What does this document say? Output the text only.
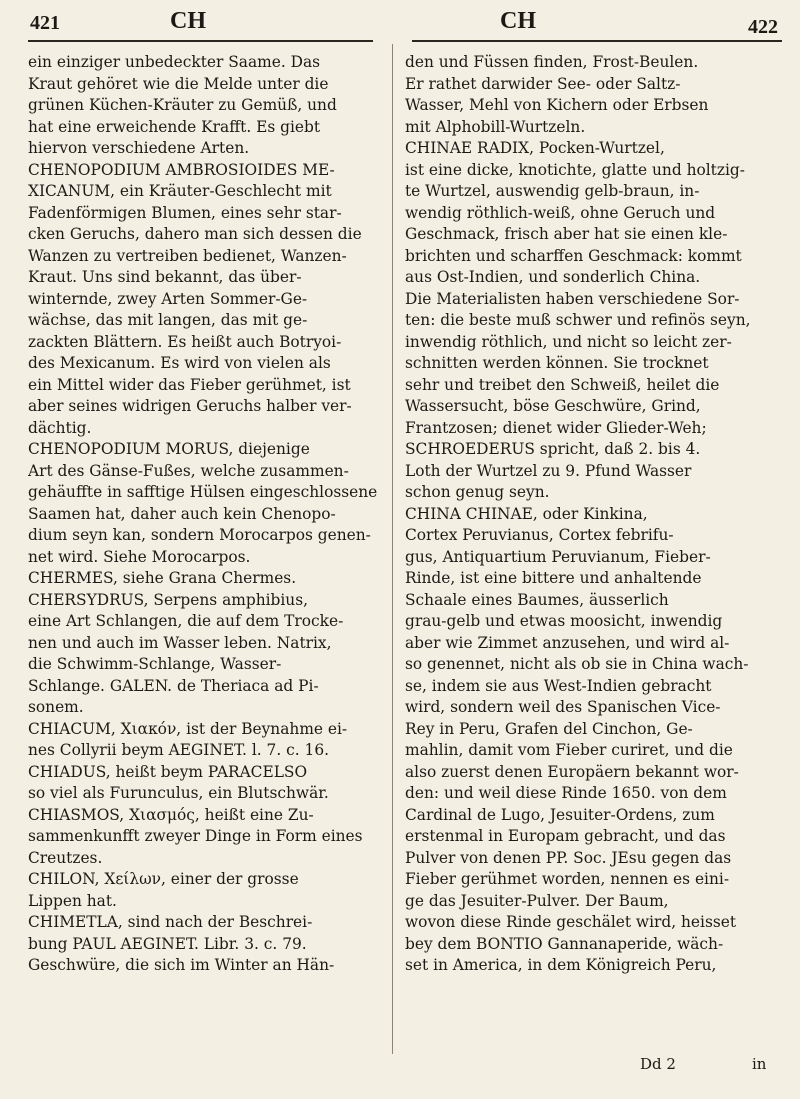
421	CH	CH	422

ein einziger unbedeckter Saame. Das

Kraut gehöret wie die Melde unter die

grünen Küchen-Kräuter zu Gemüß, und

hat eine erweichende Krafft. Es giebt

hiervon verschiedene Arten.

CHENOPODIUM AMBROSIOIDES ME-

XICANUM, ein Kräuter-Geschlecht mit

Fadenförmigen Blumen, eines sehr star-

cken Geruchs, dahero man sich dessen die

Wanzen zu vertreiben bedienet, Wanzen-

Kraut. Uns sind bekannt, das über-

winternde, zwey Arten Sommer-Ge-

wächse, das mit langen, das mit ge-

zackten Blättern. Es heißt auch Botryoi-

des Mexicanum. Es wird von vielen als

ein Mittel wider das Fieber gerühmet, ist

aber seines widrigen Geruchs halber ver-

dächtig.

CHENOPODIUM MORUS, diejenige

Art des Gänse-Fußes, welche zusammen-

gehäuffte in safftige Hülsen eingeschlossene

Saamen hat, daher auch kein Chenopo-

dium seyn kan, sondern Morocarpos genen-

net wird. Siehe Morocarpos.

CHERMES, siehe Grana Chermes.

CHERSYDRUS, Serpens amphibius,

eine Art Schlangen, die auf dem Trocke-

nen und auch im Wasser leben. Natrix,

die Schwimm-Schlange, Wasser-

Schlange. GALEN. de Theriaca ad Pi-

sonem.

CHIACUM, Χιακόν, ist der Beynahme ei-

nes Collyrii beym AEGINET. l. 7. c. 16.

CHIADUS, heißt beym PARACELSO

so viel als Furunculus, ein Blutschwär.

CHIASMOS, Χιασμός, heißt eine Zu-

sammenkunfft zweyer Dinge in Form eines

Creutzes.

CHILON, Χείλων, einer der grosse

Lippen hat.

CHIMETLA, sind nach der Beschrei-

bung PAUL AEGINET. Libr. 3. c. 79.

Geschwüre, die sich im Winter an Hän-

den und Füssen finden, Frost-Beulen.

Er rathet darwider See- oder Saltz-

Wasser, Mehl von Kichern oder Erbsen

mit Alphobill-Wurtzeln.

CHINAE RADIX, Pocken-Wurtzel,

ist eine dicke, knotichte, glatte und holtzig-

te Wurtzel, auswendig gelb-braun, in-

wendig röthlich-weiß, ohne Geruch und

Geschmack, frisch aber hat sie einen kle-

brichten und scharffen Geschmack: kommt

aus Ost-Indien, und sonderlich China.

Die Materialisten haben verschiedene Sor-

ten: die beste muß schwer und refinös seyn,

inwendig röthlich, und nicht so leicht zer-

schnitten werden können. Sie trocknet

sehr und treibet den Schweiß, heilet die

Wassersucht, böse Geschwüre, Grind,

Frantzosen; dienet wider Glieder-Weh;

SCHROEDERUS spricht, daß 2. bis 4.

Loth der Wurtzel zu 9. Pfund Wasser

schon genug seyn.

CHINA CHINAE, oder Kinkina,

Cortex Peruvianus, Cortex febrifu-

gus, Antiquartium Peruvianum, Fieber-

Rinde, ist eine bittere und anhaltende

Schaale eines Baumes, äusserlich

grau-gelb und etwas moosicht, inwendig

aber wie Zimmet anzusehen, und wird al-

so genennet, nicht als ob sie in China wach-

se, indem sie aus West-Indien gebracht

wird, sondern weil des Spanischen Vice-

Rey in Peru, Grafen del Cinchon, Ge-

mahlin, damit vom Fieber curiret, und die

also zuerst denen Europäern bekannt wor-

den: und weil diese Rinde 1650. von dem

Cardinal de Lugo, Jesuiter-Ordens, zum

erstenmal in Europam gebracht, und das

Pulver von denen PP. Soc. JEsu gegen das

Fieber gerühmet worden, nennen es eini-

ge das Jesuiter-Pulver. Der Baum,

wovon diese Rinde geschälet wird, heisset

bey dem BONTIO Gannanaperide, wäch-

set in America, in dem Königreich Peru,

Dd 2	in
